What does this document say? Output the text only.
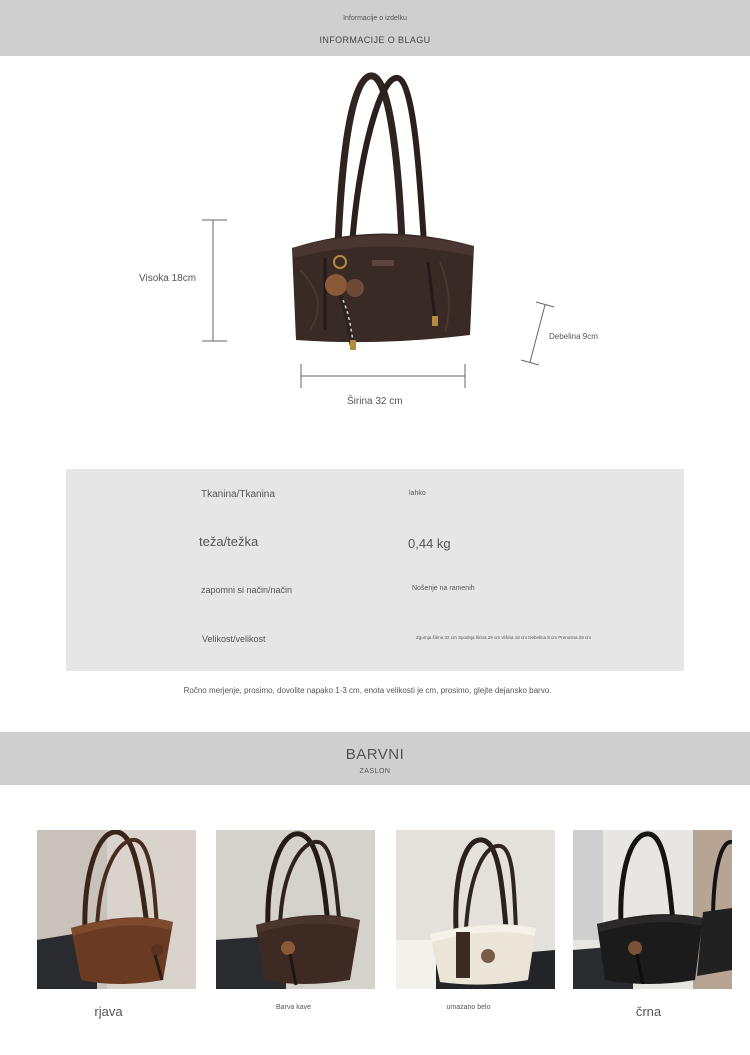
Informacije o izdelku
INFORMACIJE O BLAGU
Visoka 18cm
Debelina 9cm
Širina 32 cm
Tkanina/Tkanina	lahko
teža/težka	0,44 kg
zapomni si način/način	Nošenje na ramenih
Velikost/velikost	Zgornja širina 32 cm Spodnja širina 29 cm Višina 18 cm Debelina 9 cm Prenosna 28 cm
Ročno merjenje, prosimo, dovolite napako 1-3 cm, enota velikosti je cm, prosimo, glejte dejansko barvo.
BARVNI
ZASLON
rjava	Barva kave	umazano belo	črna
